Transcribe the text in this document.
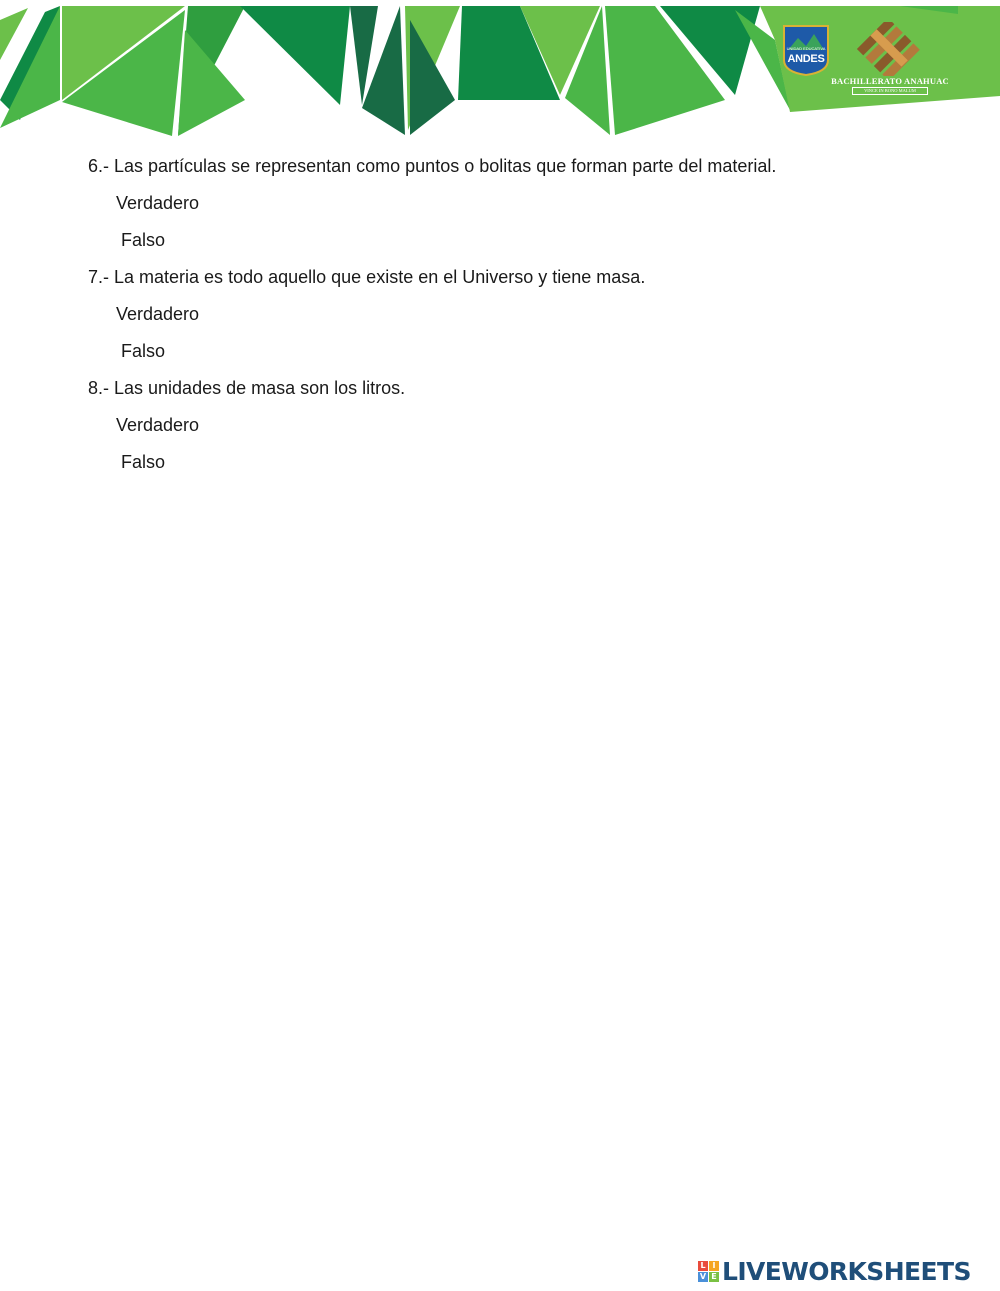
UNIDAD EDUCATIVA
ANDES
BACHILLERATO ANAHUAC
VINCE IN BONO MALUM

6.- Las partículas se representan como puntos o bolitas que forman parte del material.

Verdadero
Falso

7.- La materia es todo aquello que existe en el Universo y tiene masa.

Verdadero
Falso

8.- Las unidades de masa son los litros.

Verdadero
Falso
L I
V E LIVEWORKSHEETS
